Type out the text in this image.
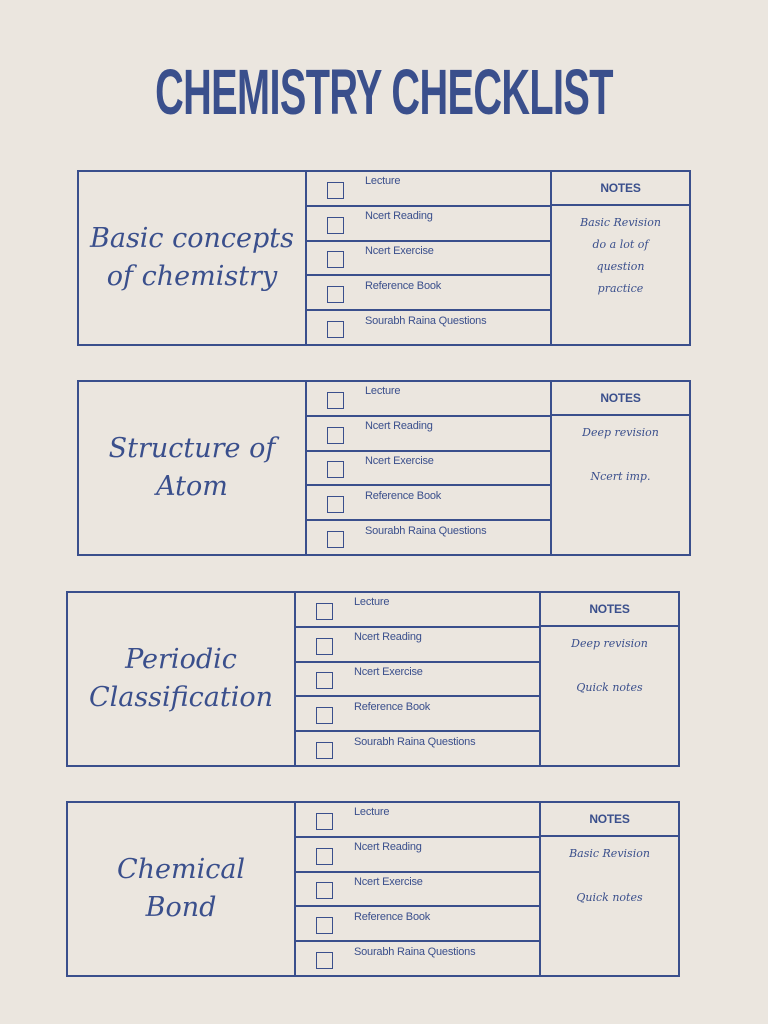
CHEMISTRY CHECKLIST
Basic concepts
of chemistry
Lecture
Ncert Reading
Ncert Exercise
Reference Book
Sourabh Raina Questions
NOTES
Basic Revision
do a lot of
question
practice
Structure of
Atom
Lecture
Ncert Reading
Ncert Exercise
Reference Book
Sourabh Raina Questions
NOTES
Deep revision
Ncert imp.
Periodic
Classification
Lecture
Ncert Reading
Ncert Exercise
Reference Book
Sourabh Raina Questions
NOTES
Deep revision
Quick notes
Chemical
Bond
Lecture
Ncert Reading
Ncert Exercise
Reference Book
Sourabh Raina Questions
NOTES
Basic Revision
Quick notes
